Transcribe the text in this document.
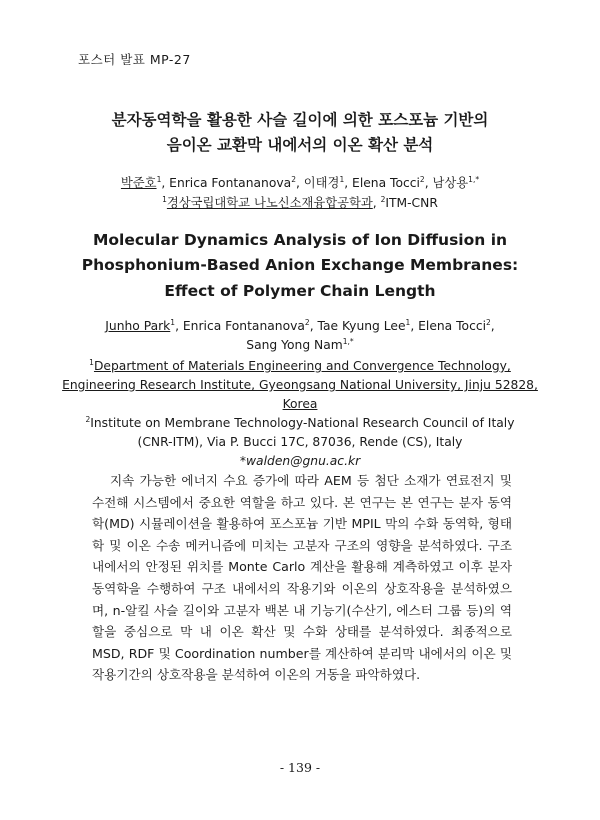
포스터 발표 MP-27
분자동역학을 활용한 사슬 길이에 의한 포스포늄 기반의
음이온 교환막 내에서의 이온 확산 분석
박준호$^1$, Enrica Fontananova$^2$, 이태경$^1$, Elena Tocci$^2$, 남상용$^{1,*}$
$^1$경상국립대학교 나노신소재융합공학과, $^2$ITM-CNR
Molecular Dynamics Analysis of Ion Diffusion in
Phosphonium-Based Anion Exchange Membranes:
Effect of Polymer Chain Length
Junho Park$^1$, Enrica Fontananova$^2$, Tae Kyung Lee$^1$, Elena Tocci$^2$,
Sang Yong Nam$^{1,*}$
$^1$Department of Materials Engineering and Convergence Technology,
Engineering Research Institute, Gyeongsang National University, Jinju 52828,
Korea
$^2$Institute on Membrane Technology-National Research Council of Italy
(CNR-ITM), Via P. Bucci 17C, 87036, Rende (CS), Italy
*walden@gnu.ac.kr
지속 가능한 에너지 수요 증가에 따라 AEM 등 첨단 소재가 연료전지 및 수전해 시스템에서 중요한 역할을 하고 있다. 본 연구는 본 연구는 분자 동역학(MD) 시뮬레이션을 활용하여 포스포늄 기반 MPIL 막의 수화 동역학, 형태학 및 이온 수송 메커니즘에 미치는 고분자 구조의 영향을 분석하였다. 구조 내에서의 안정된 위치를 Monte Carlo 계산을 활용해 계측하였고 이후 분자동역학을 수행하여 구조 내에서의 작용기와 이온의 상호작용을 분석하였으며, n-알킬 사슬 길이와 고분자 백본 내 기능기(수산기, 에스터 그룹 등)의 역할을 중심으로 막 내 이온 확산 및 수화 상태를 분석하였다. 최종적으로 MSD, RDF 및 Coordination number를 계산하여 분리막 내에서의 이온 및 작용기간의 상호작용을 분석하여 이온의 거동을 파악하였다.
- 139 -
